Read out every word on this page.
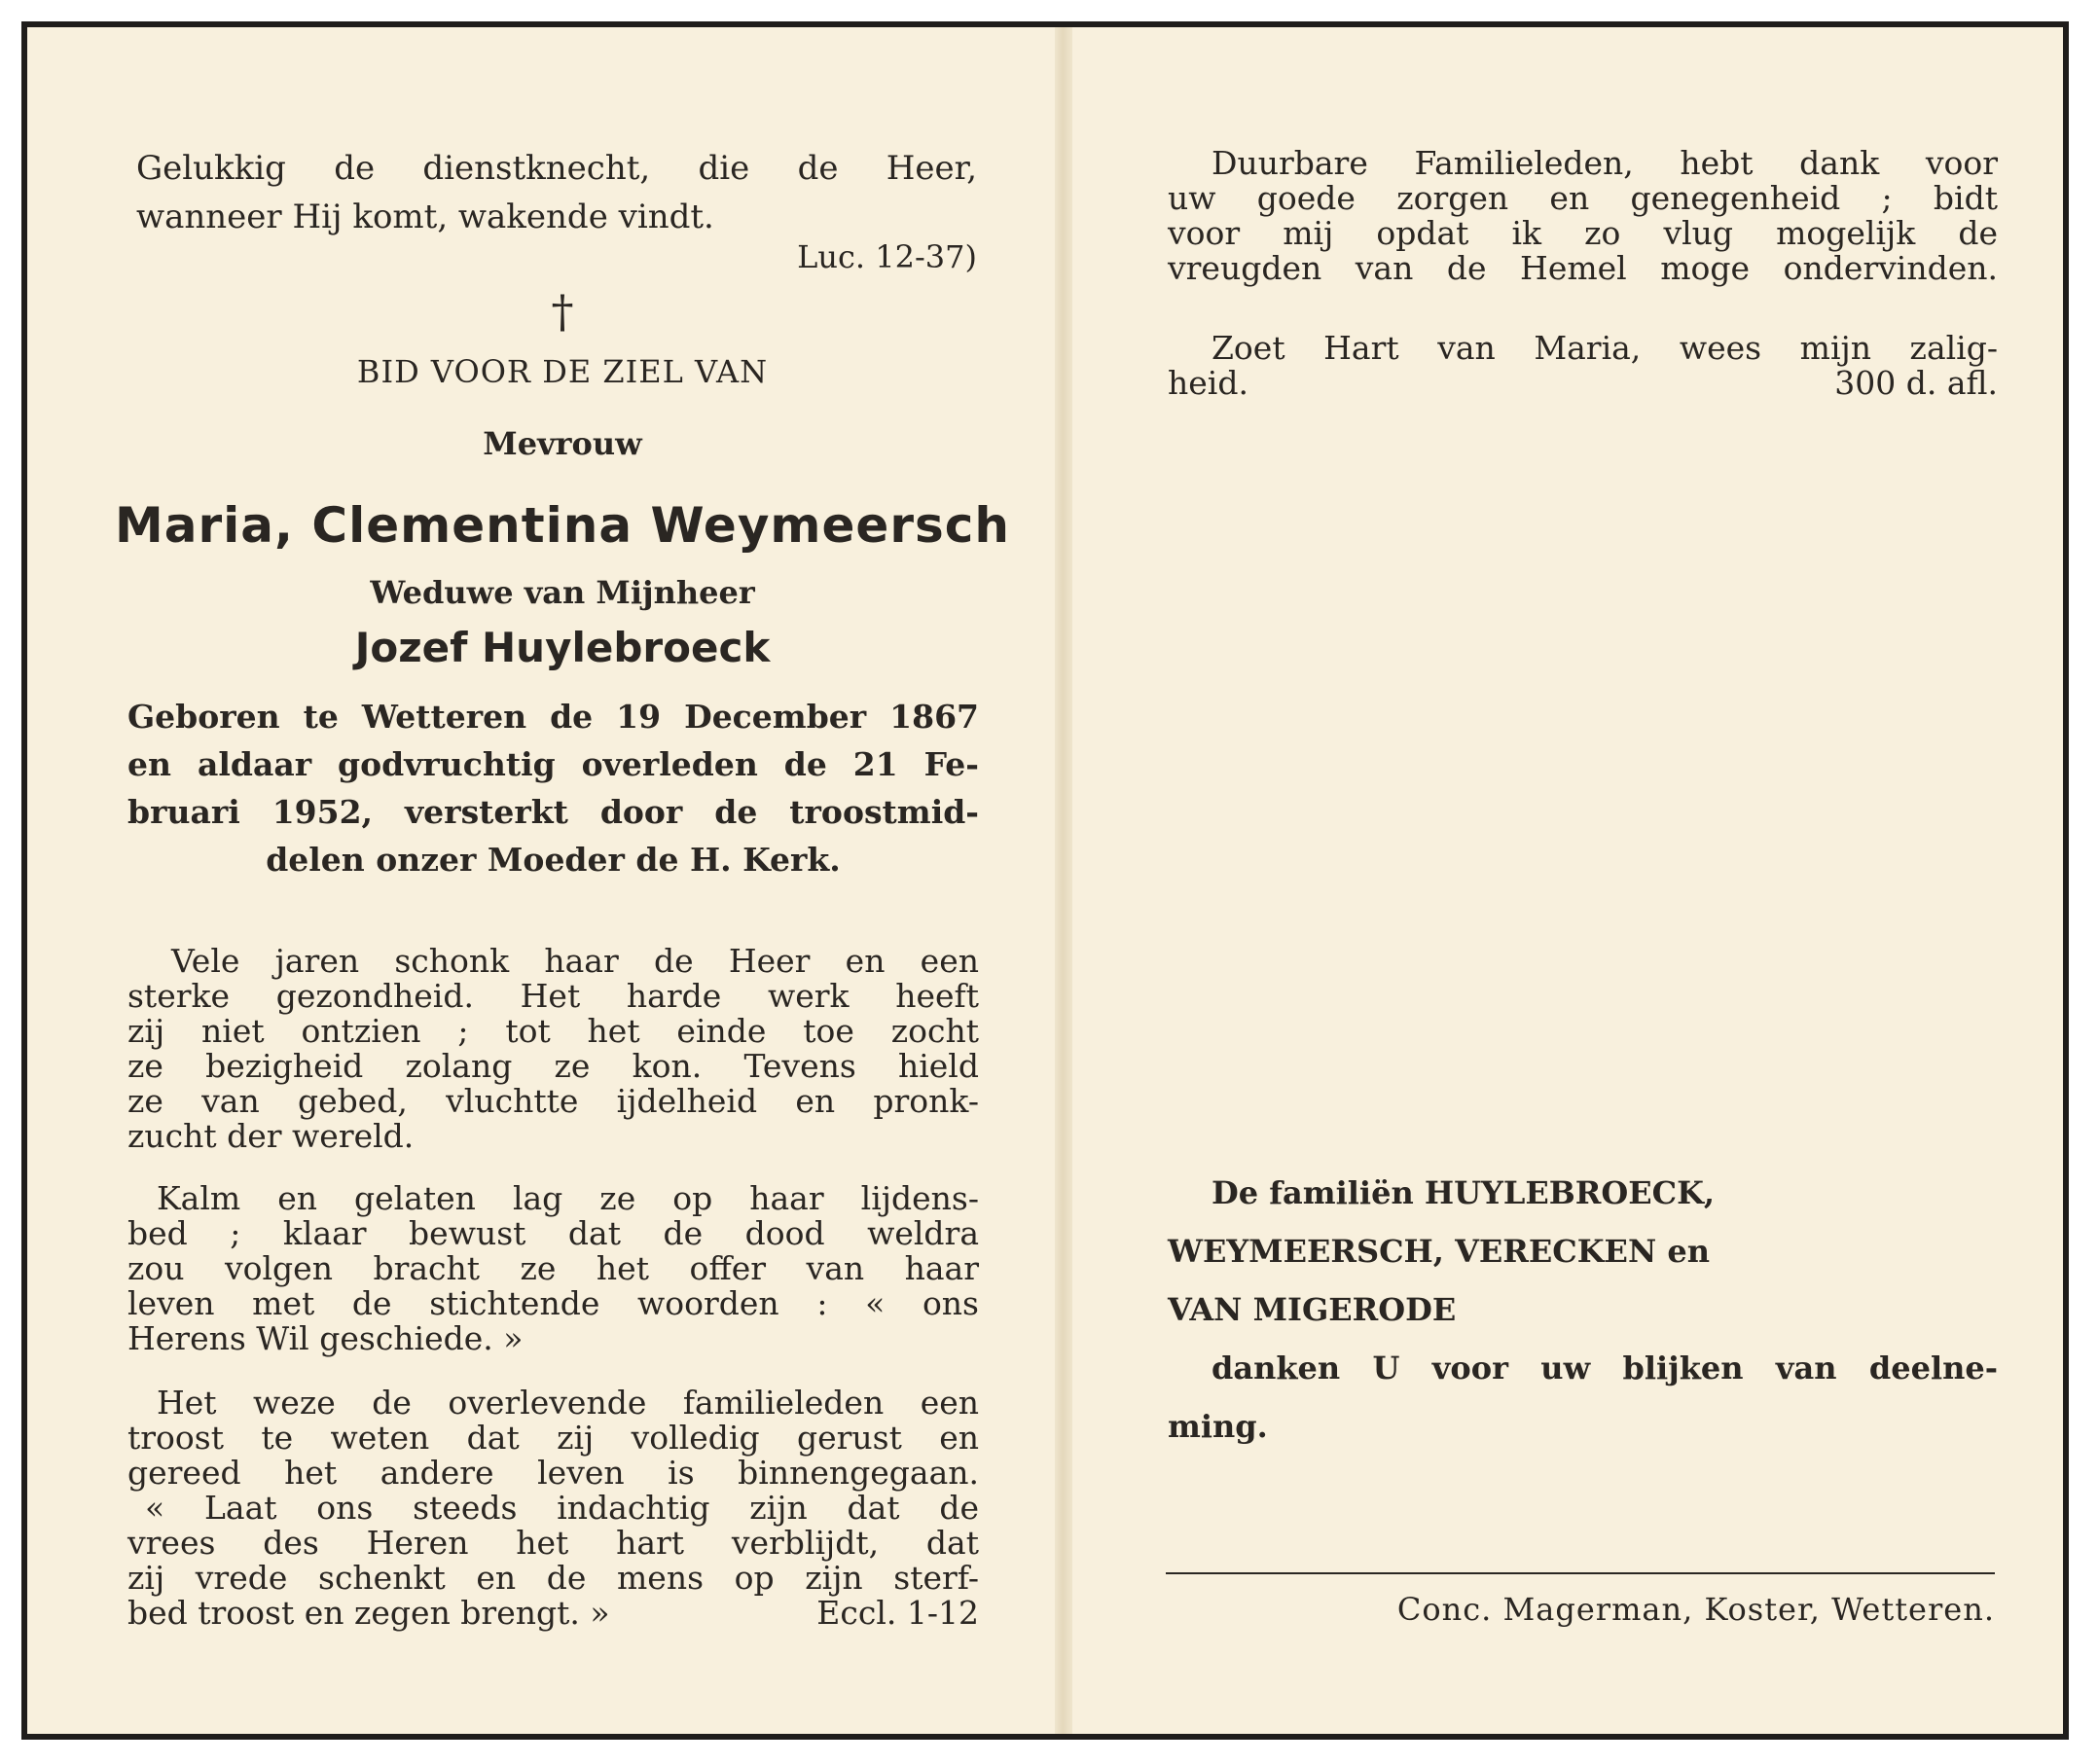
Gelukkig de dienstknecht, die de Heer,
wanneer Hij komt, wakende vindt.
Luc. 12-37)
†
BID VOOR DE ZIEL VAN
Mevrouw
Maria, Clementina Weymeersch
Weduwe van Mijnheer
Jozef Huylebroeck
Geboren te Wetteren de 19 December 1867
en aldaar godvruchtig overleden de 21 Fe-
bruari 1952, versterkt door de troostmid-
delen onzer Moeder de H. Kerk.
Vele jaren schonk haar de Heer en een
sterke gezondheid. Het harde werk heeft
zij niet ontzien ; tot het einde toe zocht
ze bezigheid zolang ze kon. Tevens hield
ze van gebed, vluchtte ijdelheid en pronk-
zucht der wereld.
Kalm en gelaten lag ze op haar lijdens-
bed ; klaar bewust dat de dood weldra
zou volgen bracht ze het offer van haar
leven met de stichtende woorden : « ons
Herens Wil geschiede. »
Het weze de overlevende familieleden een
troost te weten dat zij volledig gerust en
gereed het andere leven is binnengegaan.
« Laat ons steeds indachtig zijn dat de
vrees des Heren het hart verblijdt, dat
zij vrede schenkt en de mens op zijn sterf-
bed troost en zegen brengt. »	Eccl. 1-12
Duurbare Familieleden, hebt dank voor
uw goede zorgen en genegenheid ; bidt
voor mij opdat ik zo vlug mogelijk de
vreugden van de Hemel moge ondervinden.
Zoet Hart van Maria, wees mijn zalig-
heid.	300 d. afl.
De familiën HUYLEBROECK,
WEYMEERSCH, VERECKEN en
VAN MIGERODE
danken U voor uw blijken van deelne-
ming.
Conc. Magerman, Koster, Wetteren.
